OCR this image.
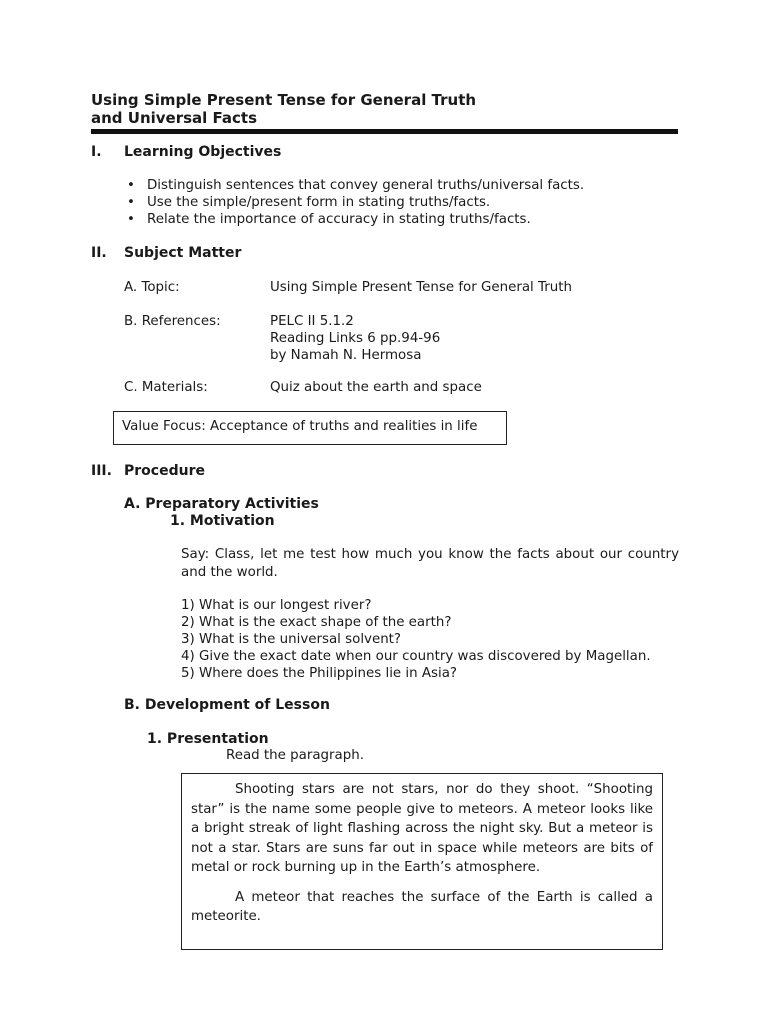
Using Simple Present Tense for General Truth
and Universal Facts
I. Learning Objectives
• Distinguish sentences that convey general truths/universal facts.
• Use the simple/present form in stating truths/facts.
• Relate the importance of accuracy in stating truths/facts.
II. Subject Matter
A. Topic:	Using Simple Present Tense for General Truth
B. References:	PELC II 5.1.2
Reading Links 6 pp.94-96
by Namah N. Hermosa
C. Materials:	Quiz about the earth and space
Value Focus: Acceptance of truths and realities in life
III. Procedure
A. Preparatory Activities
1. Motivation
Say: Class, let me test how much you know the facts about our country and the world.
1) What is our longest river?
2) What is the exact shape of the earth?
3) What is the universal solvent?
4) Give the exact date when our country was discovered by Magellan.
5) Where does the Philippines lie in Asia?
B. Development of Lesson
1. Presentation
Read the paragraph.

Shooting stars are not stars, nor do they shoot. “Shooting star” is the name some people give to meteors. A meteor looks like a bright streak of light flashing across the night sky. But a meteor is not a star. Stars are suns far out in space while meteors are bits of metal or rock burning up in the Earth’s atmosphere.

A meteor that reaches the surface of the Earth is called a meteorite.
